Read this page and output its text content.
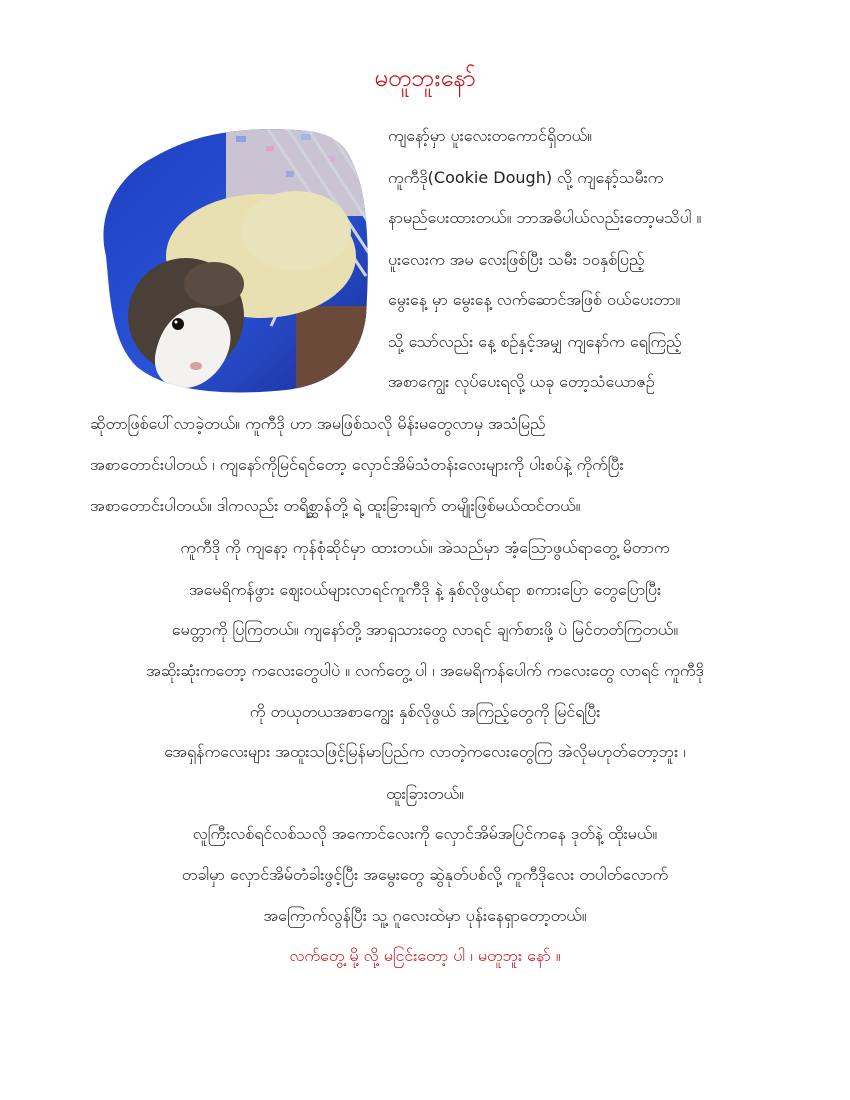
မတူဘူးနော်
ကျနော့်မှာ ပူးလေးတကောင်ရှိတယ်။
ကူကီဒို(Cookie Dough) လို့ ကျနော့်သမီးက
နာမည်ပေးထားတယ်။ ဘာအဓိပါယ်လည်းတော့မသိပါ ။
ပူးလေးက အမ လေးဖြစ်ပြီး သမီး ၁၀နှစ်ပြည့်
မွေးနေ့ မှာ မွေးနေ့ လက်ဆောင်အဖြစ် ဝယ်ပေးတာ။
သို့ သော်လည်း နေ့ စဉ်နှင့်အမျှ ကျနော်က ရေကြည့်
အစာကျွေး လုပ်ပေးရလို့ ယခု တော့သံယောဇဉ်
ဆိုတာဖြစ်ပေါ်လာခဲ့တယ်။ ကူကီဒို ဟာ အမဖြစ်သလို မိန်းမတွေလာမှ အသံမြည်
အစာတောင်းပါတယ် ၊ ကျနော်ကိုမြင်ရင်တော့ လှောင်အိမ်သံတန်းလေးများကို ပါးစပ်နဲ့ ကိုက်ပြီး
အစာတောင်းပါတယ်။ ဒါကလည်း တရိစ္ဆာန်တို့ ရဲ့ ထူးခြားချက် တမျိုးဖြစ်မယ်ထင်တယ်။
ကူကီဒို ကို ကျနော့ ကုန်စုံဆိုင်မှာ ထားတယ်။ အဲသည်မှာ အံ့သြောဖွယ်ရာတွေ့ မိတာက
အမေရိကန်ဖွား ဈေးဝယ်များလာရင်ကူကီဒို နဲ့ နှစ်လိုဖွယ်ရာ စကားပြော တွေပြောပြီး
မေတ္တာကို ပြကြတယ်။ ကျနော်တို့ အာရှသားတွေ လာရင် ချက်စားဖို့ ပဲ မြင်တတ်ကြတယ်။
အဆိုးဆုံးကတော့ ကလေးတွေပါပဲ ။ လက်တွေ့ ပါ ၊ အမေရိကန်ပေါက် ကလေးတွေ လာရင် ကူကီဒို
ကို တယုတယအစာကျွေး နှစ်လိုဖွယ် အကြည့်တွေကို မြင်ရပြီး
အေရှန်ကလေးများ အထူးသဖြင့်မြန်မာပြည်က လာတဲ့ကလေးတွေကြ အဲလိုမဟုတ်တော့ဘူး ၊
ထူးခြားတယ်။
လူကြီးလစ်ရင်လစ်သလို အကောင်လေးကို လှောင်အိမ်အပြင်ကနေ ဒုတ်နဲ့ ထိုးမယ်။
တခါမှာ လှောင်အိမ်တံခါးဖွင့်ပြီး အမွေးတွေ ဆွဲနုတ်ပစ်လို့ ကူကီဒိုလေး တပါတ်လောက်
အကြောက်လွန်ပြီး သူ့ ဂူလေးထဲမှာ ပုန်းနေရှာတော့တယ်။
လက်တွေ့ မို့ လို့ မငြင်းတော့ ပါ ၊ မတူဘူး နော် ။
